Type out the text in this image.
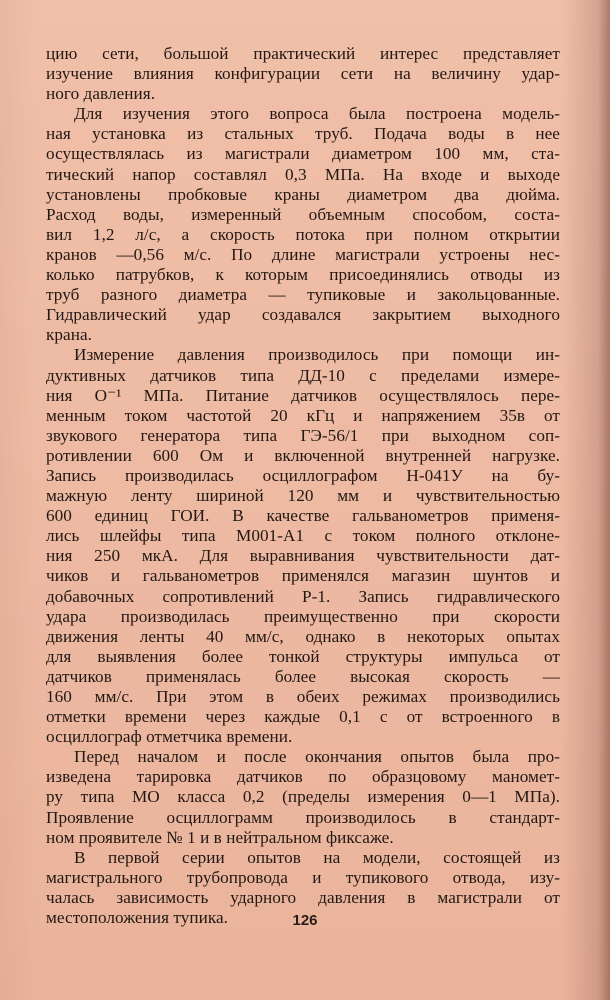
цию сети, большой практический интерес представляет
изучение влияния конфигурации сети на величину удар-
ного давления.
Для изучения этого вопроса была построена модель-
ная установка из стальных труб. Подача воды в нее
осуществлялась из магистрали диаметром 100 мм, ста-
тический напор составлял 0,3 МПа. На входе и выходе
установлены пробковые краны диаметром два дюйма.
Расход воды, измеренный объемным способом, соста-
вил 1,2 л/с, а скорость потока при полном открытии
кранов —0,56 м/с. По длине магистрали устроены нес-
колько патрубков, к которым присоединялись отводы из
труб разного диаметра — тупиковые и закольцованные.
Гидравлический удар создавался закрытием выходного
крана.
Измерение давления производилось при помощи ин-
дуктивных датчиков типа ДД-10 с пределами измере-
ния О⁻¹ МПа. Питание датчиков осуществлялось пере-
менным током частотой 20 кГц и напряжением 35в от
звукового генератора типа ГЭ-56/1 при выходном соп-
ротивлении 600 Ом и включенной внутренней нагрузке.
Запись производилась осциллографом Н-041У на бу-
мажную ленту шириной 120 мм и чувствительностью
600 единиц ГОИ. В качестве гальванометров применя-
лись шлейфы типа М001-А1 с током полного отклоне-
ния 250 мкА. Для выравнивания чувствительности дат-
чиков и гальванометров применялся магазин шунтов и
добавочных сопротивлений Р-1. Запись гидравлического
удара производилась преимущественно при скорости
движения ленты 40 мм/с, однако в некоторых опытах
для выявления более тонкой структуры импульса от
датчиков применялась более высокая скорость —
160 мм/с. При этом в обеих режимах производились
отметки времени через каждые 0,1 с от встроенного в
осциллограф отметчика времени.
Перед началом и после окончания опытов была про-
изведена тарировка датчиков по образцовому маномет-
ру типа МО класса 0,2 (пределы измерения 0—1 МПа).
Проявление осциллограмм производилось в стандарт-
ном проявителе № 1 и в нейтральном фиксаже.
В первой серии опытов на модели, состоящей из
магистрального трубопровода и тупикового отвода, изу-
чалась зависимость ударного давления в магистрали от
местоположения тупика.	126
